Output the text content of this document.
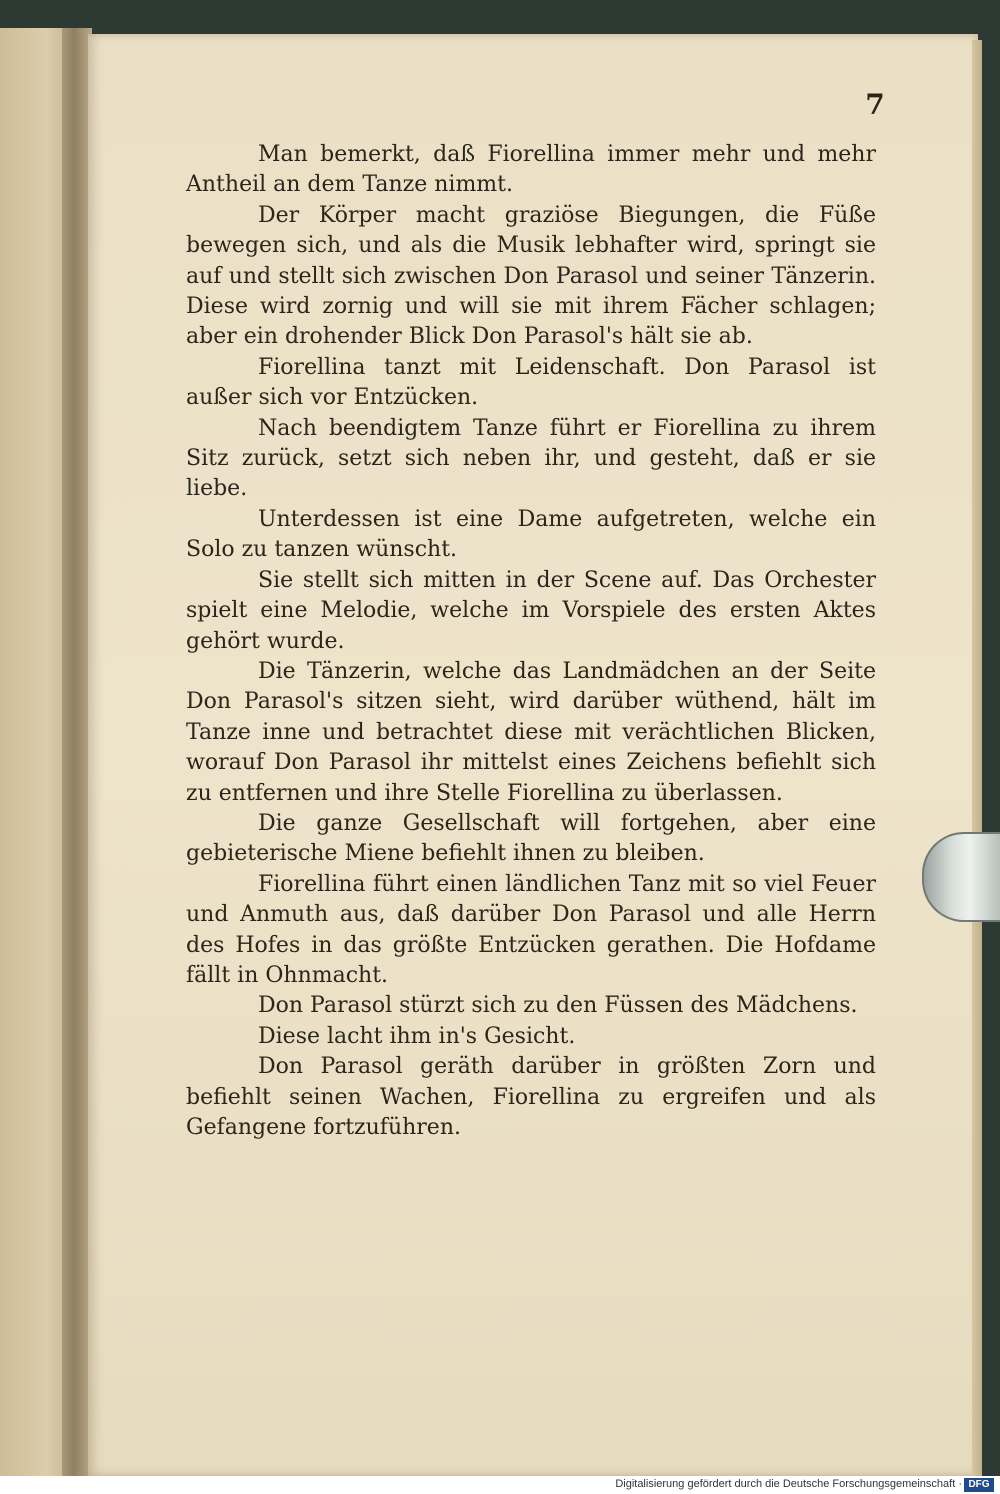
7

Man bemerkt, daß Fiorellina immer mehr und mehr Antheil an dem Tanze nimmt.

Der Körper macht graziöse Biegungen, die Füße bewegen sich, und als die Musik lebhafter wird, springt sie auf und stellt sich zwischen Don Parasol und seiner Tänzerin. Diese wird zornig und will sie mit ihrem Fächer schlagen; aber ein drohender Blick Don Parasol's hält sie ab.

Fiorellina tanzt mit Leidenschaft. Don Parasol ist außer sich vor Entzücken.

Nach beendigtem Tanze führt er Fiorellina zu ihrem Sitz zurück, setzt sich neben ihr, und gesteht, daß er sie liebe.

Unterdessen ist eine Dame aufgetreten, welche ein Solo zu tanzen wünscht.

Sie stellt sich mitten in der Scene auf. Das Orchester spielt eine Melodie, welche im Vorspiele des ersten Aktes gehört wurde.

Die Tänzerin, welche das Landmädchen an der Seite Don Parasol's sitzen sieht, wird darüber wüthend, hält im Tanze inne und betrachtet diese mit verächtlichen Blicken, worauf Don Parasol ihr mittelst eines Zeichens befiehlt sich zu entfernen und ihre Stelle Fiorellina zu überlassen.

Die ganze Gesellschaft will fortgehen, aber eine gebieterische Miene befiehlt ihnen zu bleiben.

Fiorellina führt einen ländlichen Tanz mit so viel Feuer und Anmuth aus, daß darüber Don Parasol und alle Herrn des Hofes in das größte Entzücken gerathen. Die Hofdame fällt in Ohnmacht.

Don Parasol stürzt sich zu den Füssen des Mädchens.

Diese lacht ihm in's Gesicht.

Don Parasol geräth darüber in größten Zorn und befiehlt seinen Wachen, Fiorellina zu ergreifen und als Gefangene fortzuführen.

Digitalisierung gefördert durch die Deutsche Forschungsgemeinschaft · DFG
